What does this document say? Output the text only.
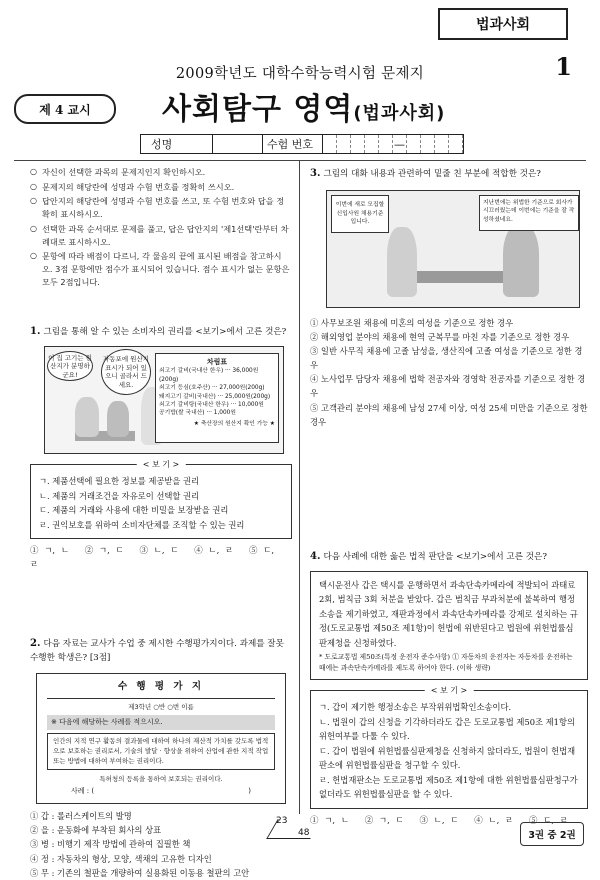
법과사회
2009학년도 대학수학능력시험 문제지	1
제 4 교시	사회탐구 영역(법과사회)
성명	수험 번호	—
○ 자신이 선택한 과목의 문제지인지 확인하시오.
○ 문제지의 해당란에 성명과 수험 번호를 정확히 쓰시오.
○ 답안지의 해당란에 성명과 수험 번호를 쓰고, 또 수험 번호와 답을 정확히 표시하시오.
○ 선택한 과목 순서대로 문제를 풀고, 답은 답안지의 '제1선택'란부터 차례대로 표시하시오.
○ 문항에 따라 배점이 다르니, 각 물음의 끝에 표시된 배점을 참고하시오. 3점 문항에만 점수가 표시되어 있습니다. 점수 표시가 없는 문항은 모두 2점입니다.
1. 그림을 통해 알 수 있는 소비자의 권리를 <보기>에서 고른 것은?
이 집 고기는 원산지가 분명하군요!
자동포에 원산지 표시가 되어 있으니 골라서 드세요.
차림표
쇠고기 갈비(국내산 한우) ··· 36,000원(200g)
쇠고기 등심(호주산) ··· 27,000원(200g)
돼지고기 갈비(국내산) ··· 25,000원(200g)
쇠고기 갈비탕(국내산 한우) ··· 10,000원
공기밥(쌀 국내산) ··· 1,000원
★ 축산장의 원산지 확인 가능 ★
< 보 기 >
ㄱ. 제품선택에 필요한 정보를 제공받을 권리
ㄴ. 제품의 거래조건을 자유로이 선택할 권리
ㄷ. 제품의 거래와 사용에 대한 비밀을 보장받을 권리
ㄹ. 권익보호를 위하여 소비자단체를 조직할 수 있는 권리
① ㄱ, ㄴ ② ㄱ, ㄷ ③ ㄴ, ㄷ ④ ㄴ, ㄹ ⑤ ㄷ, ㄹ
2. 다음 자료는 교사가 수업 중 제시한 수행평가지이다. 과제를 잘못 수행한 학생은? [3점]
수 행 평 가 지
제3학년 ○반 ○번 이름
※ 다음에 해당하는 사례를 적으시오.
인간의 지적 연구 활동의 결과물에 대하여 하나의 재산적 가치를 갖도록 법적으로 보호하는 권리로서, 기술의 발달 · 향상을 위하여 산업에 관한 지적 작업 또는 방법에 대하여 부여하는 권리이다.
특허청의 등록을 통하여 보호되는 권리이다.
사례 : (	)
① 갑 : 롤러스케이트의 발명
② 을 : 운동화에 부착된 회사의 상표
③ 병 : 비행기 제작 방법에 관하여 집필한 책
④ 정 : 자동차의 형상, 모양, 색채의 고유한 디자인
⑤ 무 : 기존의 철판을 개량하여 실용화된 이동용 철판의 고안
3. 그림의 대화 내용과 관련하여 밑줄 친 부분에 적합한 것은?
이번에 새로 모집할 신입사원 채용기준 입니다.
지난번에는 위법한 기준으로 회사가 시끄러웠는데 이번에는 기준을 잘 작성하셨네요.
① 사무보조원 채용에 미혼의 여성을 기준으로 정한 경우
② 해외영업 분야의 채용에 현역 군복무를 마친 자를 기준으로 정한 경우
③ 일반 사무직 채용에 고졸 남성을, 생산직에 고졸 여성을 기준으로 정한 경우
④ 노사업무 담당자 채용에 법학 전공자와 경영학 전공자를 기준으로 정한 경우
⑤ 고객관리 분야의 채용에 남성 27세 이상, 여성 25세 미만을 기준으로 정한 경우
4. 다음 사례에 대한 옳은 법적 판단을 <보기>에서 고른 것은?
택시운전사 갑은 택시를 운행하면서 과속단속카메라에 적발되어 과태료 2회, 범칙금 3회 처분을 받았다. 갑은 범칙금 부과처분에 불복하여 행정소송을 제기하였고, 재판과정에서 과속단속카메라를 강제로 설치하는 규정(도로교통법 제50조 제1항)이 헌법에 위반된다고 법원에 위헌법률심판제청을 신청하였다.
* 도로교통법 제50조(특정 운전자 준수사항) ① 자동차의 운전자는 자동차를 운전하는 때에는 과속단속카메라를 제도록 하여야 한다. (이하 생략)
< 보 기 >
ㄱ. 갑이 제기한 행정소송은 부작위위법확인소송이다.
ㄴ. 법원이 갑의 신청을 기각하더라도 갑은 도로교통법 제50조 제1항의 위헌여부를 다툴 수 있다.
ㄷ. 갑이 법원에 위헌법률심판제청을 신청하지 않더라도, 법원이 헌법재판소에 위헌법률심판을 청구할 수 있다.
ㄹ. 헌법재판소는 도로교통법 제50조 제1항에 대한 위헌법률심판청구가 없더라도 위헌법률심판을 할 수 있다.
① ㄱ, ㄴ ② ㄱ, ㄷ ③ ㄴ, ㄷ ④ ㄴ, ㄹ ⑤ ㄷ, ㄹ
23
48	3권 중 2권
